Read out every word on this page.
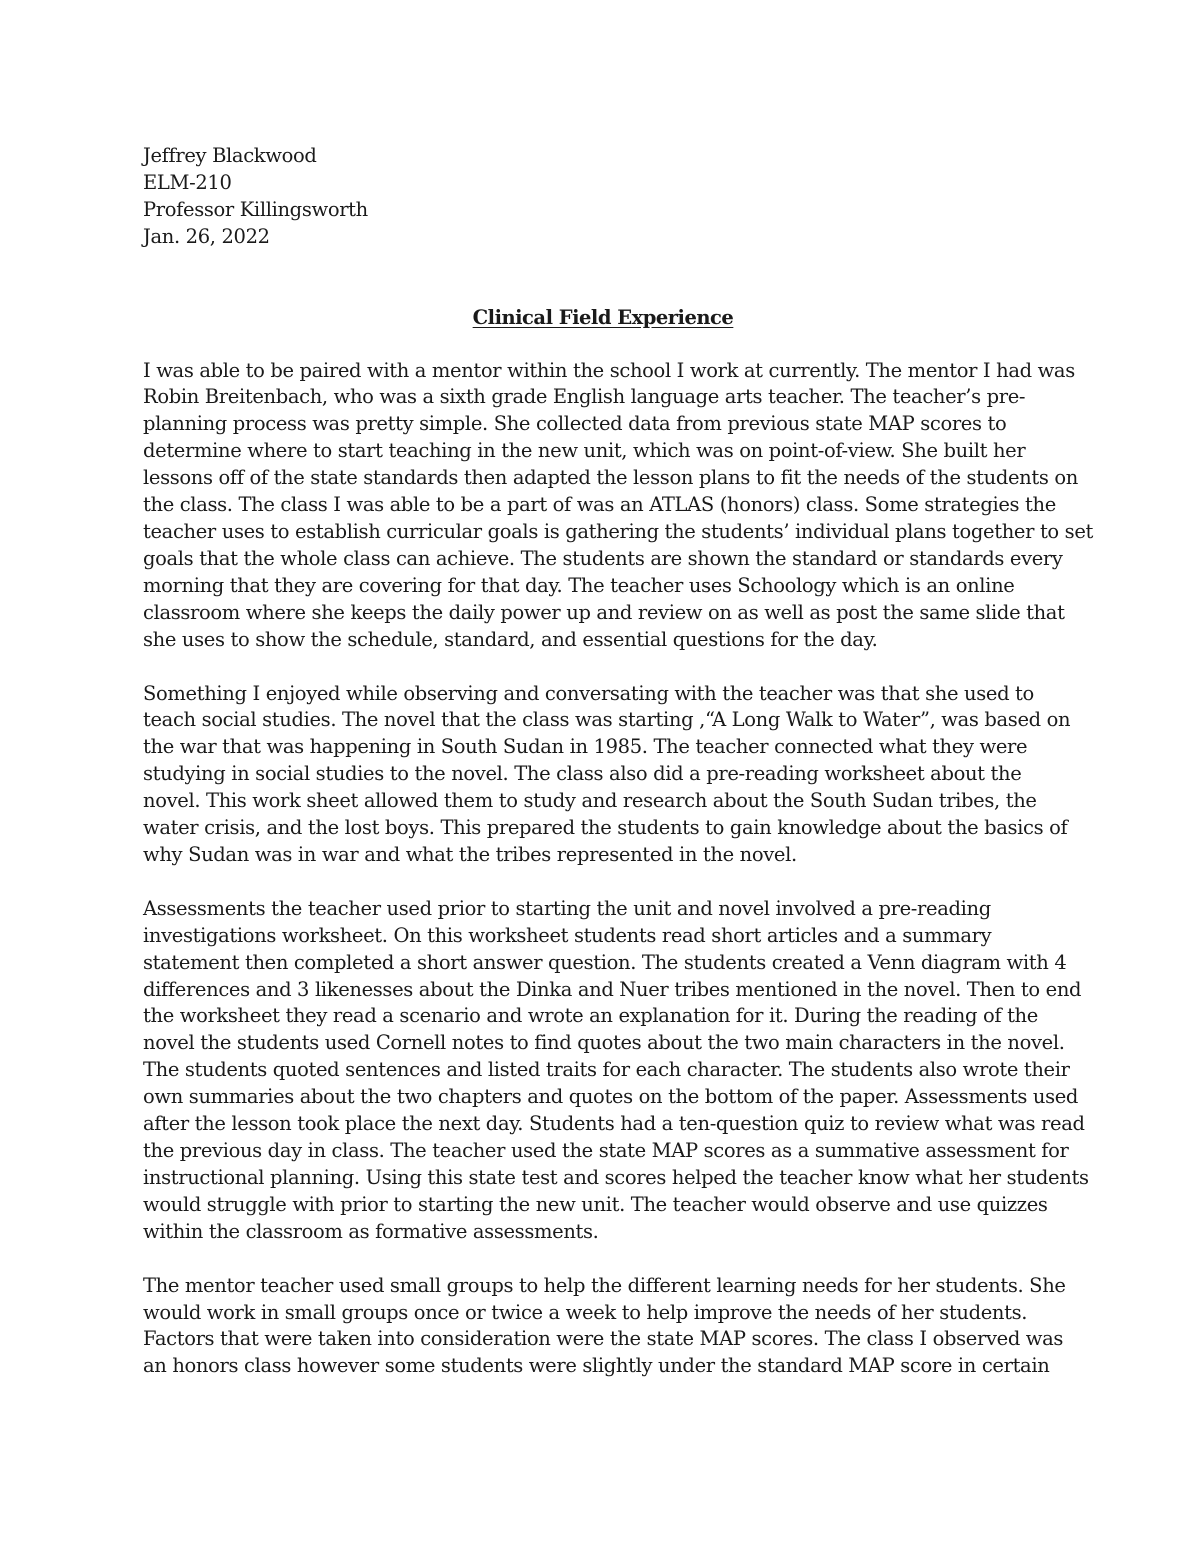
Jeffrey Blackwood

ELM-210

Professor Killingsworth

Jan. 26, 2022

Clinical Field Experience

I was able to be paired with a mentor within the school I work at currently. The mentor I had was
Robin Breitenbach, who was a sixth grade English language arts teacher. The teacher’s pre-
planning process was pretty simple. She collected data from previous state MAP scores to
determine where to start teaching in the new unit, which was on point-of-view. She built her
lessons off of the state standards then adapted the lesson plans to fit the needs of the students on
the class. The class I was able to be a part of was an ATLAS (honors) class. Some strategies the
teacher uses to establish curricular goals is gathering the students’ individual plans together to set
goals that the whole class can achieve. The students are shown the standard or standards every
morning that they are covering for that day. The teacher uses Schoology which is an online
classroom where she keeps the daily power up and review on as well as post the same slide that
she uses to show the schedule, standard, and essential questions for the day.

Something I enjoyed while observing and conversating with the teacher was that she used to
teach social studies. The novel that the class was starting ,“A Long Walk to Water”, was based on
the war that was happening in South Sudan in 1985. The teacher connected what they were
studying in social studies to the novel. The class also did a pre-reading worksheet about the
novel. This work sheet allowed them to study and research about the South Sudan tribes, the
water crisis, and the lost boys. This prepared the students to gain knowledge about the basics of
why Sudan was in war and what the tribes represented in the novel.

Assessments the teacher used prior to starting the unit and novel involved a pre-reading
investigations worksheet. On this worksheet students read short articles and a summary
statement then completed a short answer question. The students created a Venn diagram with 4
differences and 3 likenesses about the Dinka and Nuer tribes mentioned in the novel. Then to end
the worksheet they read a scenario and wrote an explanation for it. During the reading of the
novel the students used Cornell notes to find quotes about the two main characters in the novel.
The students quoted sentences and listed traits for each character. The students also wrote their
own summaries about the two chapters and quotes on the bottom of the paper. Assessments used
after the lesson took place the next day. Students had a ten-question quiz to review what was read
the previous day in class. The teacher used the state MAP scores as a summative assessment for
instructional planning. Using this state test and scores helped the teacher know what her students
would struggle with prior to starting the new unit. The teacher would observe and use quizzes
within the classroom as formative assessments.

The mentor teacher used small groups to help the different learning needs for her students. She
would work in small groups once or twice a week to help improve the needs of her students.
Factors that were taken into consideration were the state MAP scores. The class I observed was
an honors class however some students were slightly under the standard MAP score in certain
